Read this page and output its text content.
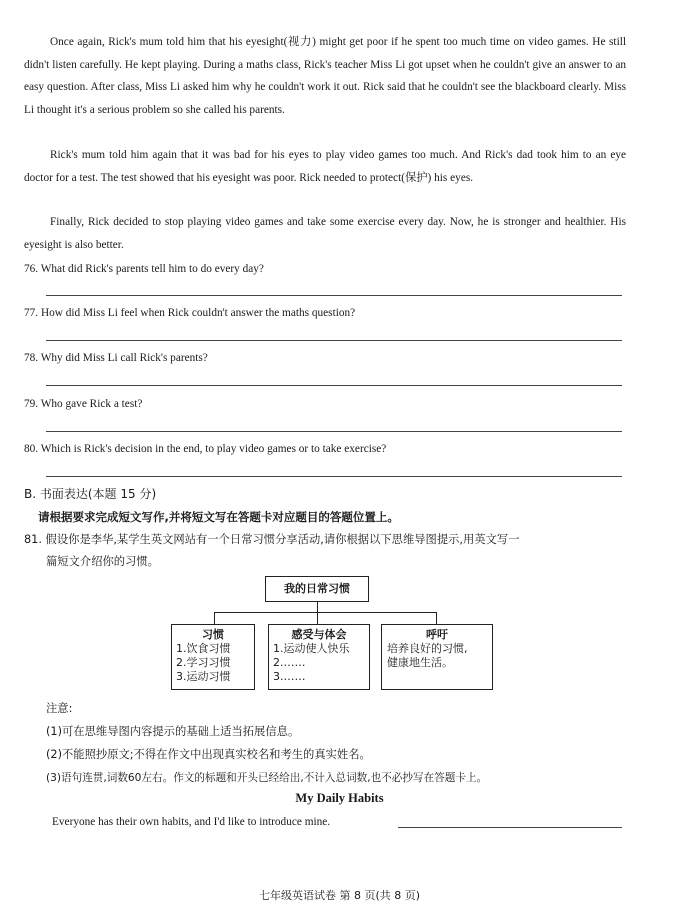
Once again, Rick's mum told him that his eyesight(视力) might get poor if he spent too much time on video games. He still didn't listen carefully. He kept playing. During a maths class, Rick's teacher Miss Li got upset when he couldn't give an answer to an easy question. After class, Miss Li asked him why he couldn't work it out. Rick said that he couldn't see the blackboard clearly. Miss Li thought it's a serious problem so she called his parents.
Rick's mum told him again that it was bad for his eyes to play video games too much. And Rick's dad took him to an eye doctor for a test. The test showed that his eyesight was poor. Rick needed to protect(保护) his eyes.
Finally, Rick decided to stop playing video games and take some exercise every day. Now, he is stronger and healthier. His eyesight is also better.
76. What did Rick's parents tell him to do every day?
77. How did Miss Li feel when Rick couldn't answer the maths question?
78. Why did Miss Li call Rick's parents?
79. Who gave Rick a test?
80. Which is Rick's decision in the end, to play video games or to take exercise?
B. 书面表达(本题 15 分)
请根据要求完成短文写作,并将短文写在答题卡对应题目的答题位置上。
81. 假设你是李华,某学生英文网站有一个日常习惯分享活动,请你根据以下思维导图提示,用英文写一
篇短文介绍你的习惯。
我的日常习惯
习惯
1.饮食习惯
2.学习习惯
3.运动习惯
感受与体会
1.运动使人快乐
2.……
3.……
呼吁
培养良好的习惯,
健康地生活。
注意:
(1)可在思维导图内容提示的基础上适当拓展信息。
(2)不能照抄原文;不得在作文中出现真实校名和考生的真实姓名。
(3)语句连贯,词数60左右。作文的标题和开头已经给出,不计入总词数,也不必抄写在答题卡上。
My Daily Habits
Everyone has their own habits, and I'd like to introduce mine.
七年级英语试卷 第 8 页(共 8 页)
